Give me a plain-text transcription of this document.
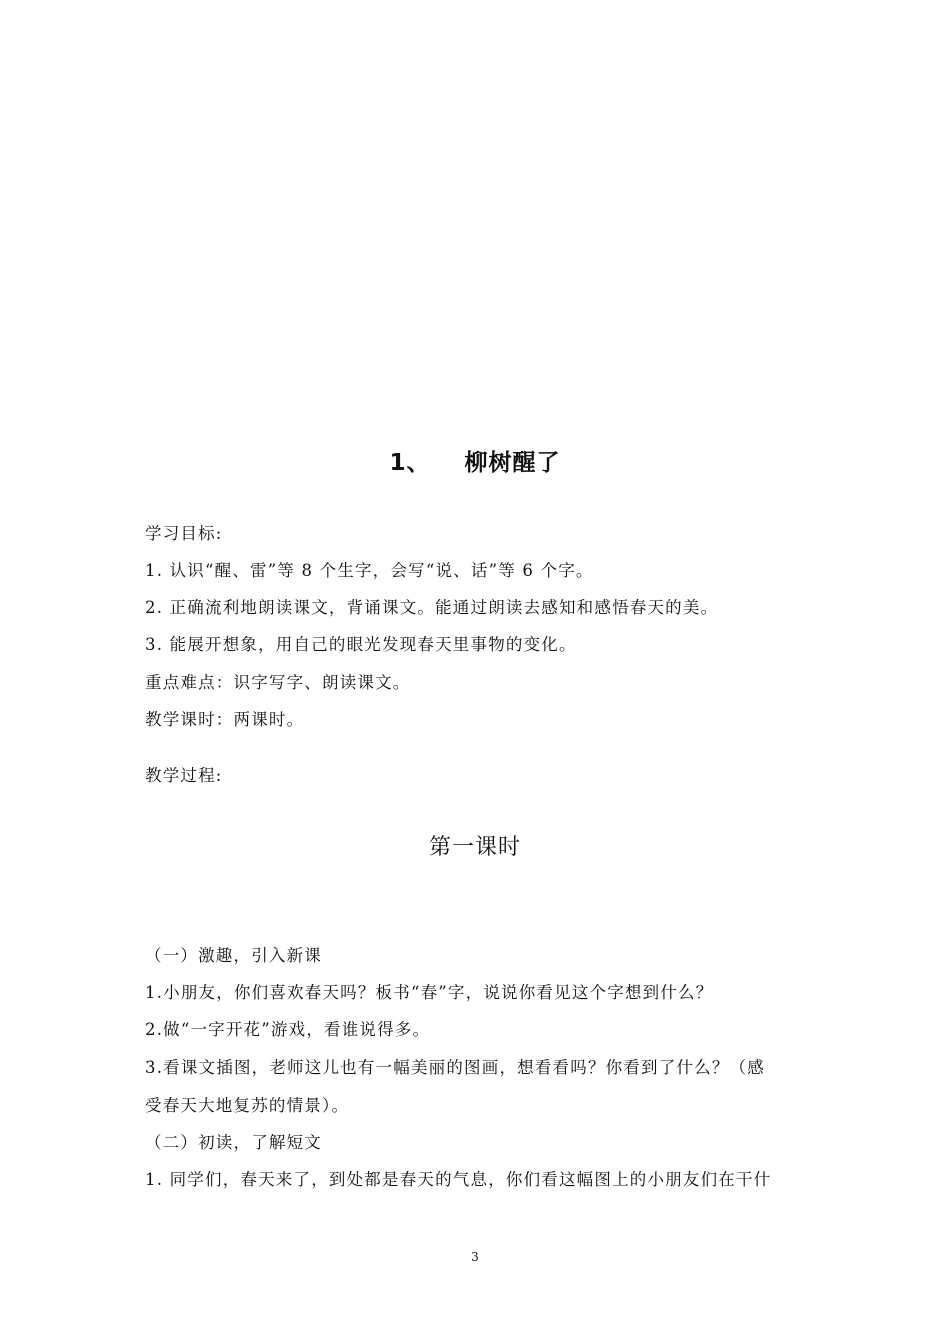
1、 柳树醒了
学习目标:
1. 认识“醒、雷”等 8 个生字，会写“说、话”等 6 个字。
2. 正确流利地朗读课文，背诵课文。能通过朗读去感知和感悟春天的美。
3. 能展开想象，用自己的眼光发现春天里事物的变化。
重点难点：识字写字、朗读课文。
教学课时：两课时。
教学过程:
第一课时
（一）激趣，引入新课
1.小朋友，你们喜欢春天吗？板书“春”字，说说你看见这个字想到什么？
2.做“一字开花”游戏，看谁说得多。
3.看课文插图，老师这儿也有一幅美丽的图画，想看看吗？你看到了什么？（感
受春天大地复苏的情景）。
（二）初读，了解短文
1. 同学们，春天来了，到处都是春天的气息，你们看这幅图上的小朋友们在干什
3
